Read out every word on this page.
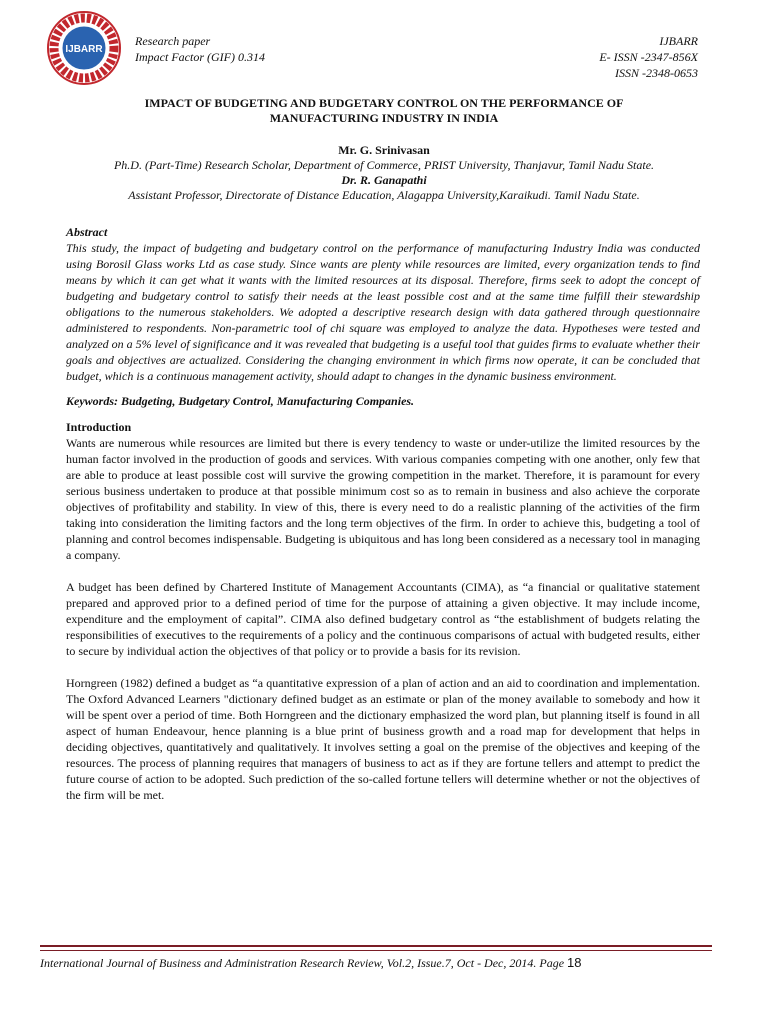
IJBARR
Research paper
Impact Factor (GIF) 0.314
IJBARR
E- ISSN -2347-856X
ISSN -2348-0653
IMPACT OF BUDGETING AND BUDGETARY CONTROL ON THE PERFORMANCE OF
MANUFACTURING INDUSTRY IN INDIA
Mr. G. Srinivasan
Ph.D. (Part-Time) Research Scholar, Department of Commerce, PRIST University, Thanjavur, Tamil Nadu State.
Dr. R. Ganapathi
Assistant Professor, Directorate of Distance Education, Alagappa University,Karaikudi. Tamil Nadu State.
Abstract

This study, the impact of budgeting and budgetary control on the performance of manufacturing Industry India was conducted using Borosil Glass works Ltd as case study. Since wants are plenty while resources are limited, every organization tends to find means by which it can get what it wants with the limited resources at its disposal. Therefore, firms seek to adopt the concept of budgeting and budgetary control to satisfy their needs at the least possible cost and at the same time fulfill their stewardship obligations to the numerous stakeholders. We adopted a descriptive research design with data gathered through questionnaire administered to respondents. Non-parametric tool of chi square was employed to analyze the data. Hypotheses were tested and analyzed on a 5% level of significance and it was revealed that budgeting is a useful tool that guides firms to evaluate whether their goals and objectives are actualized. Considering the changing environment in which firms now operate, it can be concluded that budget, which is a continuous management activity, should adapt to changes in the dynamic business environment.

Keywords: Budgeting, Budgetary Control, Manufacturing Companies.
Introduction

Wants are numerous while resources are limited but there is every tendency to waste or under-utilize the limited resources by the human factor involved in the production of goods and services. With various companies competing with one another, only few that are able to produce at least possible cost will survive the growing competition in the market. Therefore, it is paramount for every serious business undertaken to produce at that possible minimum cost so as to remain in business and also achieve the corporate objectives of profitability and stability. In view of this, there is every need to do a realistic planning of the activities of the firm taking into consideration the limiting factors and the long term objectives of the firm. In order to achieve this, budgeting a tool of planning and control becomes indispensable. Budgeting is ubiquitous and has long been considered as a necessary tool in managing a company.

A budget has been defined by Chartered Institute of Management Accountants (CIMA), as “a financial or qualitative statement prepared and approved prior to a defined period of time for the purpose of attaining a given objective. It may include income, expenditure and the employment of capital”. CIMA also defined budgetary control as “the establishment of budgets relating the responsibilities of executives to the requirements of a policy and the continuous comparisons of actual with budgeted results, either to secure by individual action the objectives of that policy or to provide a basis for its revision.

Horngreen (1982) defined a budget as “a quantitative expression of a plan of action and an aid to coordination and implementation. The Oxford Advanced Learners "dictionary defined budget as an estimate or plan of the money available to somebody and how it will be spent over a period of time. Both Horngreen and the dictionary emphasized the word plan, but planning itself is found in all aspect of human Endeavour, hence planning is a blue print of business growth and a road map for development that helps in deciding objectives, quantitatively and qualitatively. It involves setting a goal on the premise of the objectives and keeping of the resources. The process of planning requires that managers of business to act as if they are fortune tellers and attempt to predict the future course of action to be adopted. Such prediction of the so-called fortune tellers will determine whether or not the objectives of the firm will be met.

International Journal of Business and Administration Research Review, Vol.2, Issue.7, Oct - Dec, 2014. Page 18
